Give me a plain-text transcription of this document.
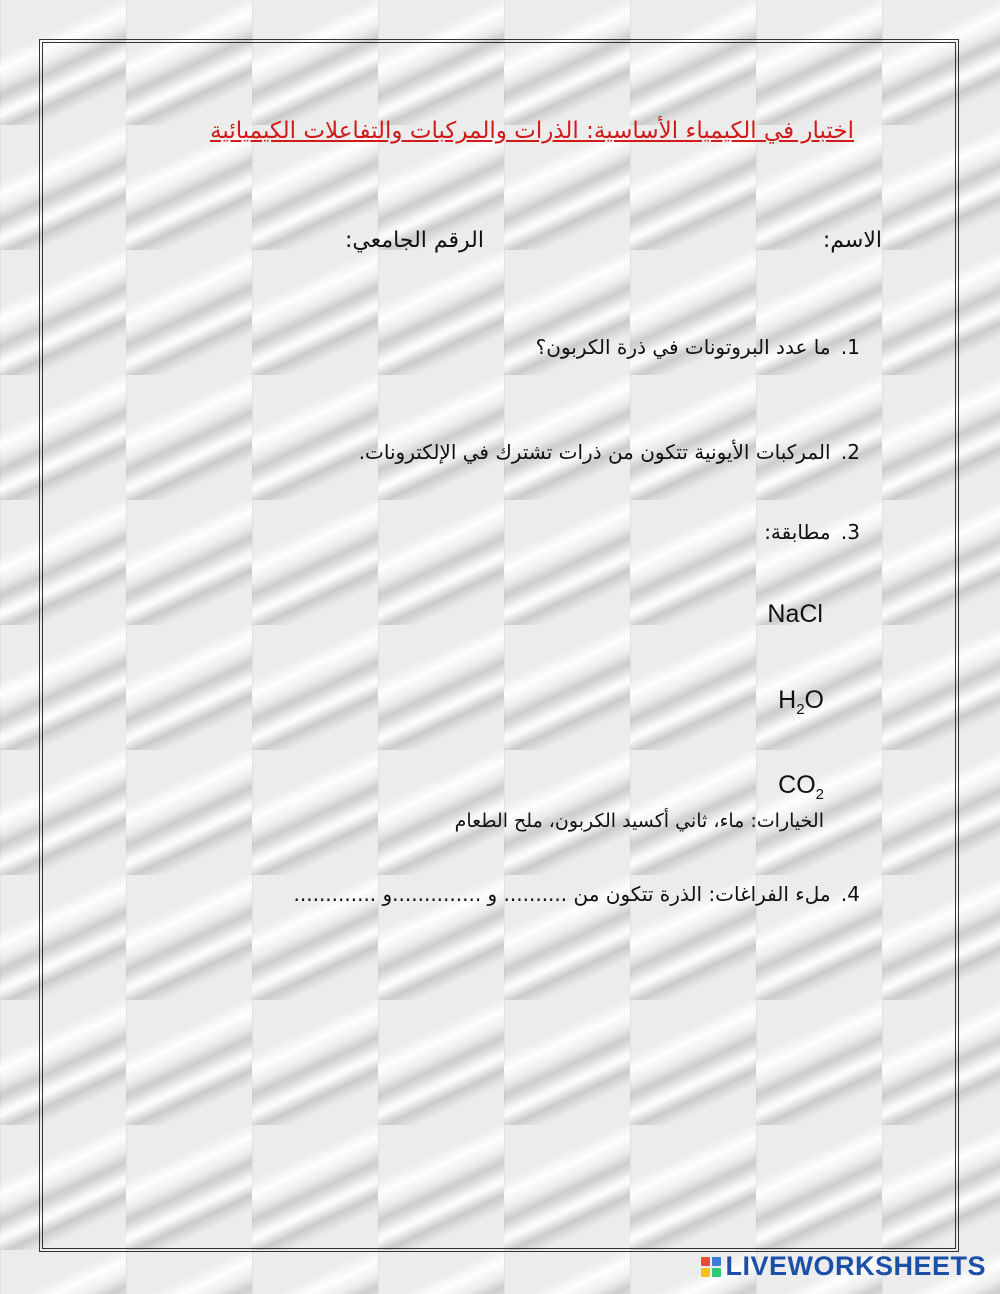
اختبار في الكيمياء الأساسية: الذرات والمركبات والتفاعلات الكيميائية
الاسم:
الرقم الجامعي:
1. ما عدد البروتونات في ذرة الكربون؟
2. المركبات الأيونية تتكون من ذرات تشترك في الإلكترونات.
3. مطابقة:
NaCl
$H_2O$
$CO_2$
الخيارات: ماء، ثاني أكسيد الكربون، ملح الطعام
4. ملء الفراغات: الذرة تتكون من .......... و ..............و .............
LIVEWORKSHEETS
